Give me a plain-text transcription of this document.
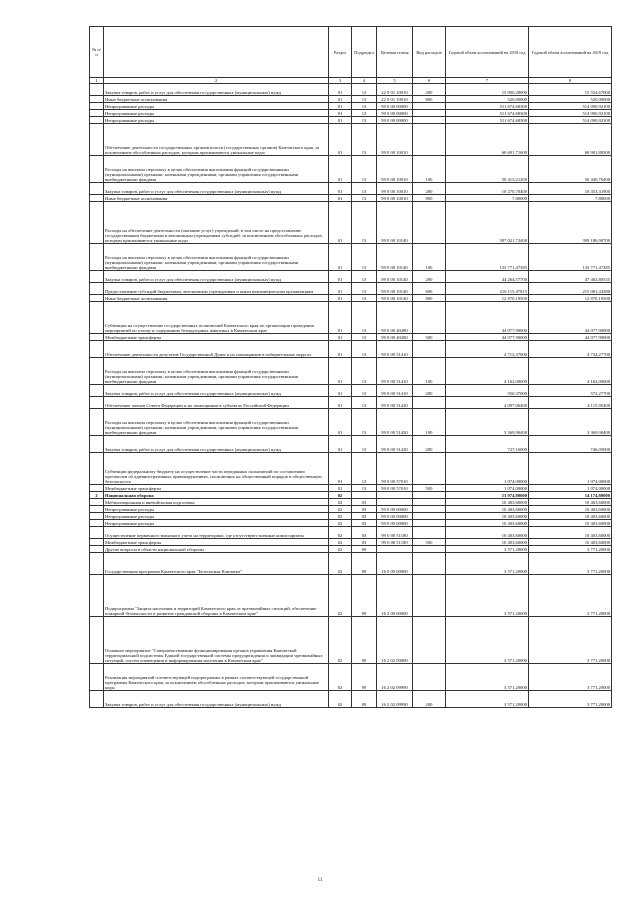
№ п/п		Раздел	Подраздел	Целевая статья	Вид расходов	Годовой объем ассигнований на 2018 год	Годовой объем ассигнований на 2019 год
1	2	3	4	5	6	7	8
	Закупка товаров, работ и услуг для обеспечения государственных (муниципальных) нужд	01	13	22 9 01 10010	200	15 000,28000	15 554,67000
	Иные бюджетные ассигнования	01	13	22 9 01 10010	800	520,00000	520,00000
	Непрограммные расходы	01	13	99 0 00 00000		511 674,68300	514 090,92100
	Непрограммные расходы	01	13	99 0 00 00000		511 674,68300	514 090,92100
	Непрограммные расходы	01	13	99 0 00 00000		511 674,68300	514 090,92100
	Обеспечение деятельности государственных органов власти (государственных органов) Камчатского края, за исключением обособленных расходов, которым присваиваются уникальные коды.	01	13	99 0 00 10010		60 691,71600	60 901,88300
	Расходы на выплаты персоналу в целях обеспечения выполнения функций государственными (муниципальными) органами, казенными учреждениями, органами управления государственными внебюджетными фондами	01	13	99 0 00 10010	100	50 413,21200	50 440,76400
	Закупка товаров, работ и услуг для обеспечения государственных (муниципальных) нужд	01	13	99 0 00 10010	200	10 270,70400	10 453,31900
	Иные бюджетные ассигнования	01	13	99 0 00 10010	800	7,80000	7,80000
	Расходы на обеспечение деятельности (оказание услуг) учреждений, в том числе на предоставление государственным бюджетным и автономным учреждениям субсидий, за исключением обособленных расходов, которым присваиваются уникальные коды	01	13	99 0 00 10140		397 021,72400	399 186,90700
	Расходы на выплаты персоналу в целях обеспечения выполнения функций государственными (муниципальными) органами, казенными учреждениями, органами управления государственными внебюджетными фондами	01	13	99 0 00 10140	100	133 771,47385	133 771,47385
	Закупка товаров, работ и услуг для обеспечения государственных (муниципальных) нужд	01	13	99 0 00 10140	200	44 264,57700	47 463,80535
	Предоставление субсидий бюджетным, автономным учреждениям и иным некоммерческим организациям	01	13	99 0 00 10140	600	216 115,47815	215 081,43280
	Иные бюджетные ассигнования	01	13	99 0 00 10140	800	12 870,19500	12 870,19500
	Субвенции на осуществление государственных полномочий Камчатского края по организации проведения мероприятий по отлову и содержанию безнадзорных животных в Камчатском крае	01	13	99 0 00 40280		44 077,90000	44 077,90000
	Межбюджетные трансферты	01	13	99 0 00 40280	500	44 077,90000	44 077,90000
	Обеспечение деятельности депутатов Государственной Думы и их помощников в избирательных округах	01	13	99 0 00 51410		4 712,37000	4 734,27700
	Расходы на выплаты персоналу в целях обеспечения выполнения функций государственными (муниципальными) органами, казенными учреждениями, органами управления государственными внебюджетными фондами	01	13	99 0 00 51410	100	4 162,00000	4 162,00000
	Закупка товаров, работ и услуг для обеспечения государственных (муниципальных) нужд	01	13	99 0 00 51410	200	550,37000	572,27700
	Обеспечение членов Совета Федерации и их помощников в субъектах Российской Федерации	01	13	99 0 00 51420		4 097,06400	4 115,95400
	Расходы на выплаты персоналу в целях обеспечения выполнения функций государственными (муниципальными) органами, казенными учреждениями, органами управления государственными внебюджетными фондами	01	13	99 0 00 51420	100	3 369,90400	3 369,90400
	Закупка товаров, работ и услуг для обеспечения государственных (муниципальных) нужд	01	13	99 0 00 51420	200	727,16000	746,05000
	Субвенции федеральному бюджету на осуществление части переданных полномочий по составлению протоколов об административных правонарушениях, посягающих на общественный порядок и общественную безопасность	01	13	99 0 00 57010		1 074,00000	1 074,00000
	Межбюджетные трансферты	01	13	99 0 00 57010	500	1 074,00000	1 074,00000
2	Национальная оборона	02				13 974,80000	14 174,80000
	Мобилизационная и вневойсковая подготовка	02	03			10 403,60000	10 403,60000
	Непрограммные расходы	02	03	99 0 00 00000		10 403,60000	10 403,60000
	Непрограммные расходы	02	03	99 0 00 00000		10 403,60000	10 403,60000
	Непрограммные расходы	02	03	99 0 00 00000		10 403,60000	10 403,60000
	Осуществление первичного воинского учета на территориях, где отсутствуют военные комиссариаты	02	03	99 0 00 51180		10 403,60000	10 403,60000
	Межбюджетные трансферты	02	03	99 0 00 51180	500	10 403,60000	10 403,60000
	Другие вопросы в области национальной обороны	02	09			3 571,20000	3 771,20000
	Государственная программа Камчатского края "Безопасная Камчатка"	02	09	16 0 00 00000		3 571,20000	3 771,20000
	Подпрограмма "Защита населения и территорий Камчатского края от чрезвычайных ситуаций, обеспечение пожарной безопасности и развитие гражданской обороны в Камчатском крае"	02	09	16 2 00 00000		3 571,20000	3 771,20000
	Основное мероприятие "Совершенствование функционирования органов управления Камчатской территориальной подсистемы Единой государственной системы предупреждения и ликвидации чрезвычайных ситуаций, систем оповещения и информирования населения в Камчатском крае"	02	09	16 2 02 00000		3 571,20000	3 771,20000
	Реализация мероприятий соответствующей подпрограммы в рамках соответствующей государственной программы Камчатского края, за исключением обособленных расходов, которым присваиваются уникальные коды	02	09	16 2 02 09990		3 571,20000	3 771,20000
	Закупка товаров, работ и услуг для обеспечения государственных (муниципальных) нужд	02	09	16 2 02 09990	200	3 571,20000	3 771,20000
11
